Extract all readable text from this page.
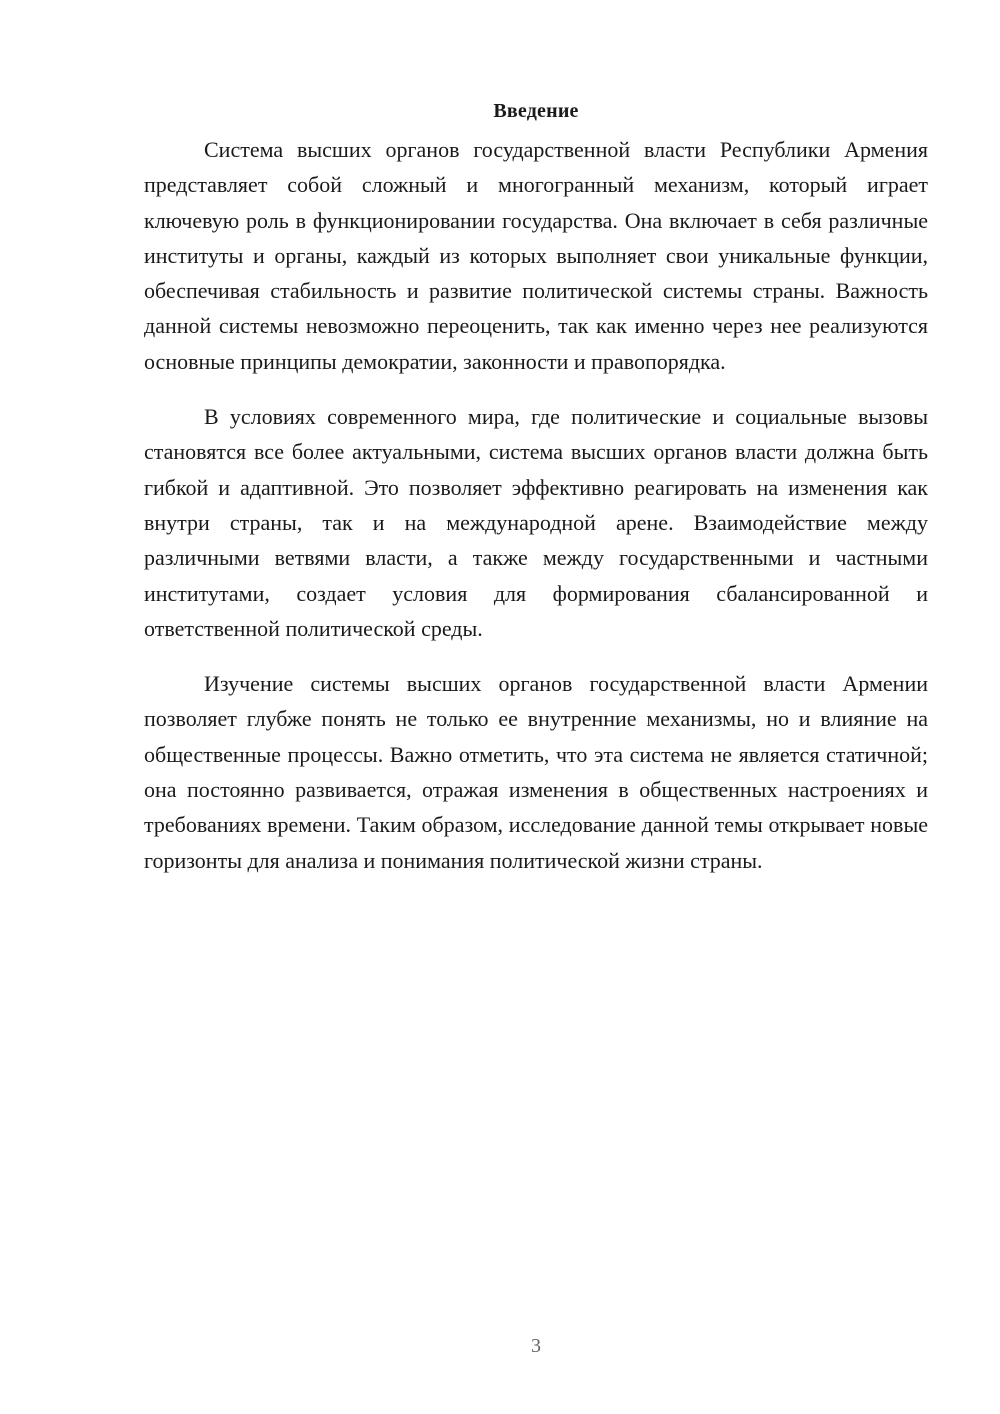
Введение

Система высших органов государственной власти Республики Армения представляет собой сложный и многогранный механизм, который играет ключевую роль в функционировании государства. Она включает в себя различные институты и органы, каждый из которых выполняет свои уникальные функции, обеспечивая стабильность и развитие политической системы страны. Важность данной системы невозможно переоценить, так как именно через нее реализуются основные принципы демократии, законности и правопорядка.

В условиях современного мира, где политические и социальные вызовы становятся все более актуальными, система высших органов власти должна быть гибкой и адаптивной. Это позволяет эффективно реагировать на изменения как внутри страны, так и на международной арене. Взаимодействие между различными ветвями власти, а также между государственными и частными институтами, создает условия для формирования сбалансированной и ответственной политической среды.

Изучение системы высших органов государственной власти Армении позволяет глубже понять не только ее внутренние механизмы, но и влияние на общественные процессы. Важно отметить, что эта система не является статичной; она постоянно развивается, отражая изменения в общественных настроениях и требованиях времени. Таким образом, исследование данной темы открывает новые горизонты для анализа и понимания политической жизни страны.

3
